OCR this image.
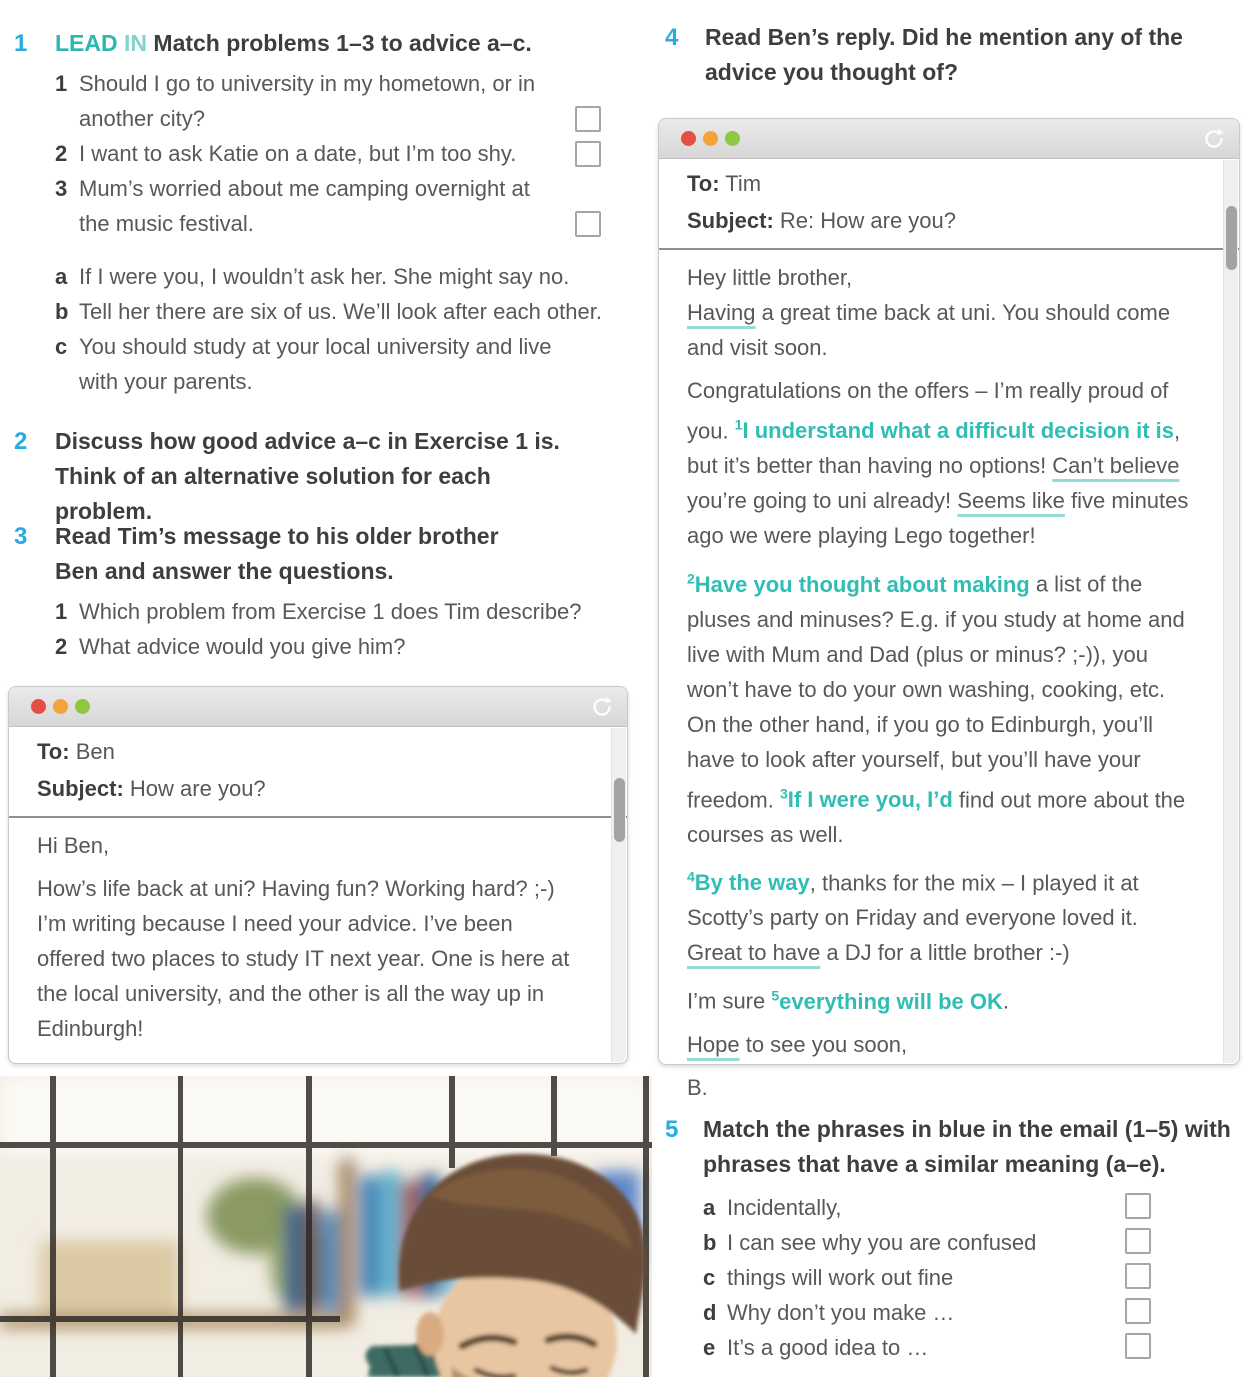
1 LEAD IN Match problems 1–3 to advice a–c.
1 Should I go to university in my hometown, or in another city?
2 I want to ask Katie on a date, but I’m too shy.
3 Mum’s worried about me camping overnight at the music festival.
a If I were you, I wouldn’t ask her. She might say no.
b Tell her there are six of us. We’ll look after each other.
c You should study at your local university and live with your parents.
2 Discuss how good advice a–c in Exercise 1 is. Think of an alternative solution for each problem.
3 Read Tim’s message to his older brother Ben and answer the questions.
1 Which problem from Exercise 1 does Tim describe?
2 What advice would you give him?
To: Ben
Subject: How are you?

Hi Ben,

How’s life back at uni? Having fun? Working hard? ;-) I’m writing because I need your advice. I’ve been offered two places to study IT next year. One is here at the local university, and the other is all the way up in Edinburgh!

4 Read Ben’s reply. Did he mention any of the advice you thought of?
To: Tim
Subject: Re: How are you?

Hey little brother,
Having a great time back at uni. You should come and visit soon.

Congratulations on the offers – I’m really proud of you. $^1$I understand what a difficult decision it is, but it’s better than having no options! Can’t believe you’re going to uni already! Seems like five minutes ago we were playing Lego together!

$^2$Have you thought about making a list of the pluses and minuses? E.g. if you study at home and live with Mum and Dad (plus or minus? ;-)), you won’t have to do your own washing, cooking, etc. On the other hand, if you go to Edinburgh, you’ll have to look after yourself, but you’ll have your freedom. $^3$If I were you, I’d find out more about the courses as well.

$^4$By the way, thanks for the mix – I played it at Scotty’s party on Friday and everyone loved it. Great to have a DJ for a little brother :-)

I’m sure $^5$everything will be OK.

Hope to see you soon,

B.

5 Match the phrases in blue in the email (1–5) with phrases that have a similar meaning (a–e).
a Incidentally,
b I can see why you are confused
c things will work out fine
d Why don’t you make …
e It’s a good idea to …
